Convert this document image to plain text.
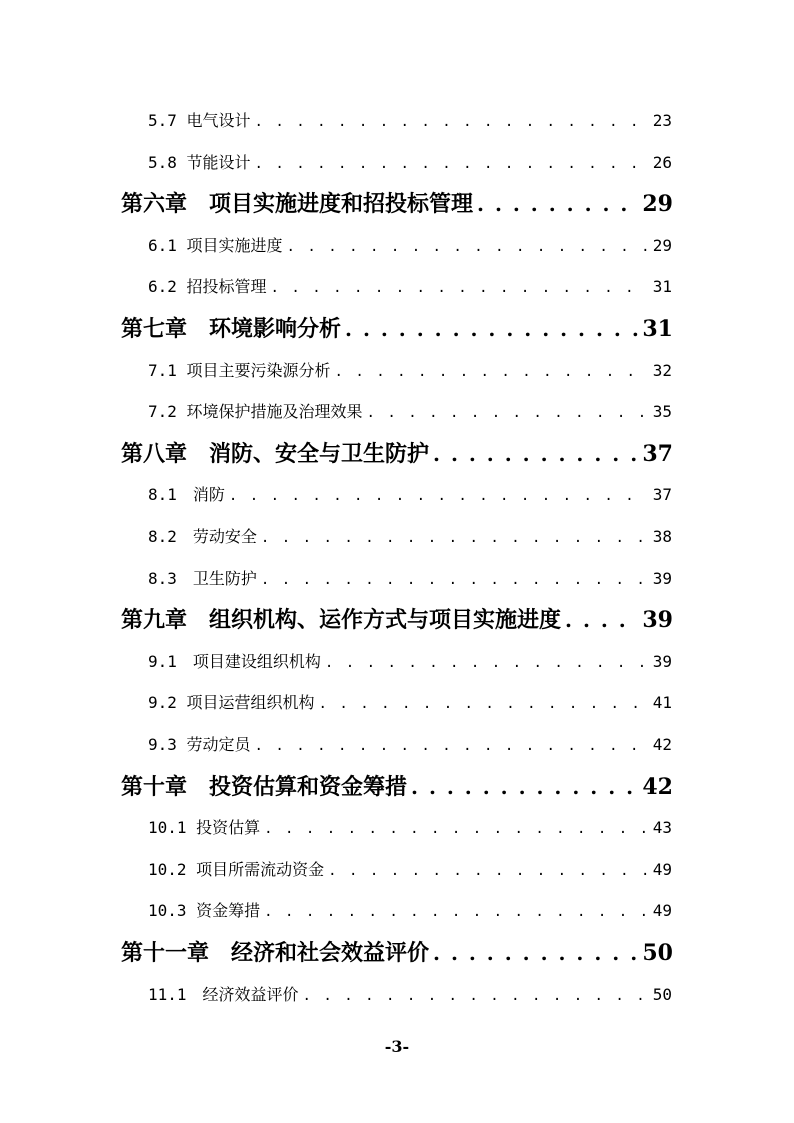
5.7 电气设计 . . .	23
5.8 节能设计 . . .	26
第六章　项目实施进度和招投标管理 . . .	29
6.1 项目实施进度 . . .	29
6.2 招投标管理 . . .	31
第七章　环境影响分析 . . .	31
7.1 项目主要污染源分析 . . .	32
7.2 环境保护措施及治理效果 . . .	35
第八章　消防、安全与卫生防护 . . .	37
8.1　消防 . . .	37
8.2　劳动安全 . . .	38
8.3　卫生防护 . . .	39
第九章　组织机构、运作方式与项目实施进度 . . .	39
9.1　项目建设组织机构 . . .	39
9.2 项目运营组织机构 . . .	41
9.3 劳动定员 . . .	42
第十章　投资估算和资金筹措 . . .	42
10.1 投资估算 . . .	43
10.2 项目所需流动资金 . . .	49
10.3 资金筹措 . . .	49
第十一章　经济和社会效益评价 . . .	50
11.1　经济效益评价 . . .	50
-3-
